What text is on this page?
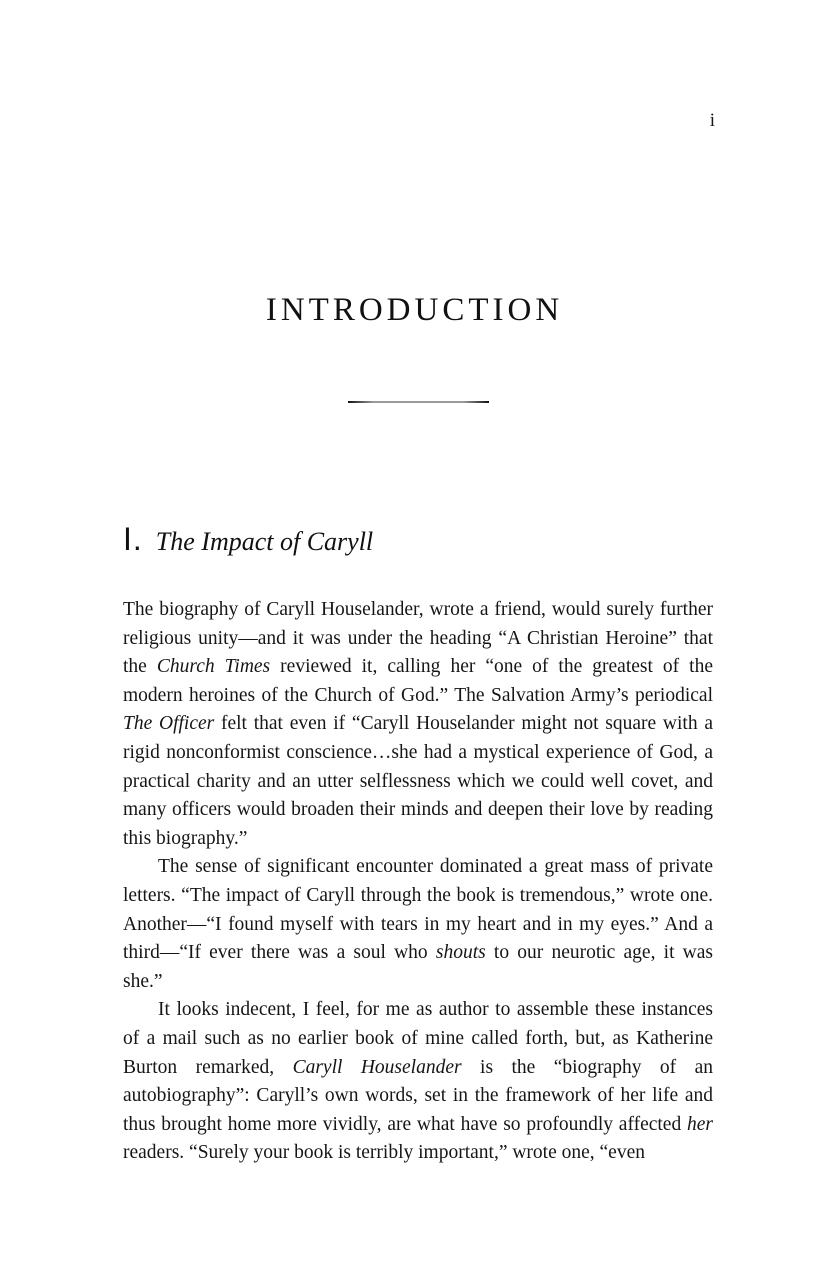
i
INTRODUCTION
I. The Impact of Caryll

The biography of Caryll Houselander, wrote a friend, would surely further religious unity—and it was under the heading “A Christian Heroine” that the Church Times reviewed it, calling her “one of the greatest of the modern heroines of the Church of God.” The Salvation Army’s periodical The Officer felt that even if “Caryll Houselander might not square with a rigid nonconformist conscience…she had a mystical experience of God, a practical charity and an utter selflessness which we could well covet, and many officers would broaden their minds and deepen their love by reading this biography.”

The sense of significant encounter dominated a great mass of private letters. “The impact of Caryll through the book is tremendous,” wrote one. Another—“I found myself with tears in my heart and in my eyes.” And a third—“If ever there was a soul who shouts to our neurotic age, it was she.”

It looks indecent, I feel, for me as author to assemble these instances of a mail such as no earlier book of mine called forth, but, as Katherine Burton remarked, Caryll Houselander is the “biography of an autobiography”: Caryll’s own words, set in the framework of her life and thus brought home more vividly, are what have so profoundly affected her readers. “Surely your book is terribly important,” wrote one, “even
